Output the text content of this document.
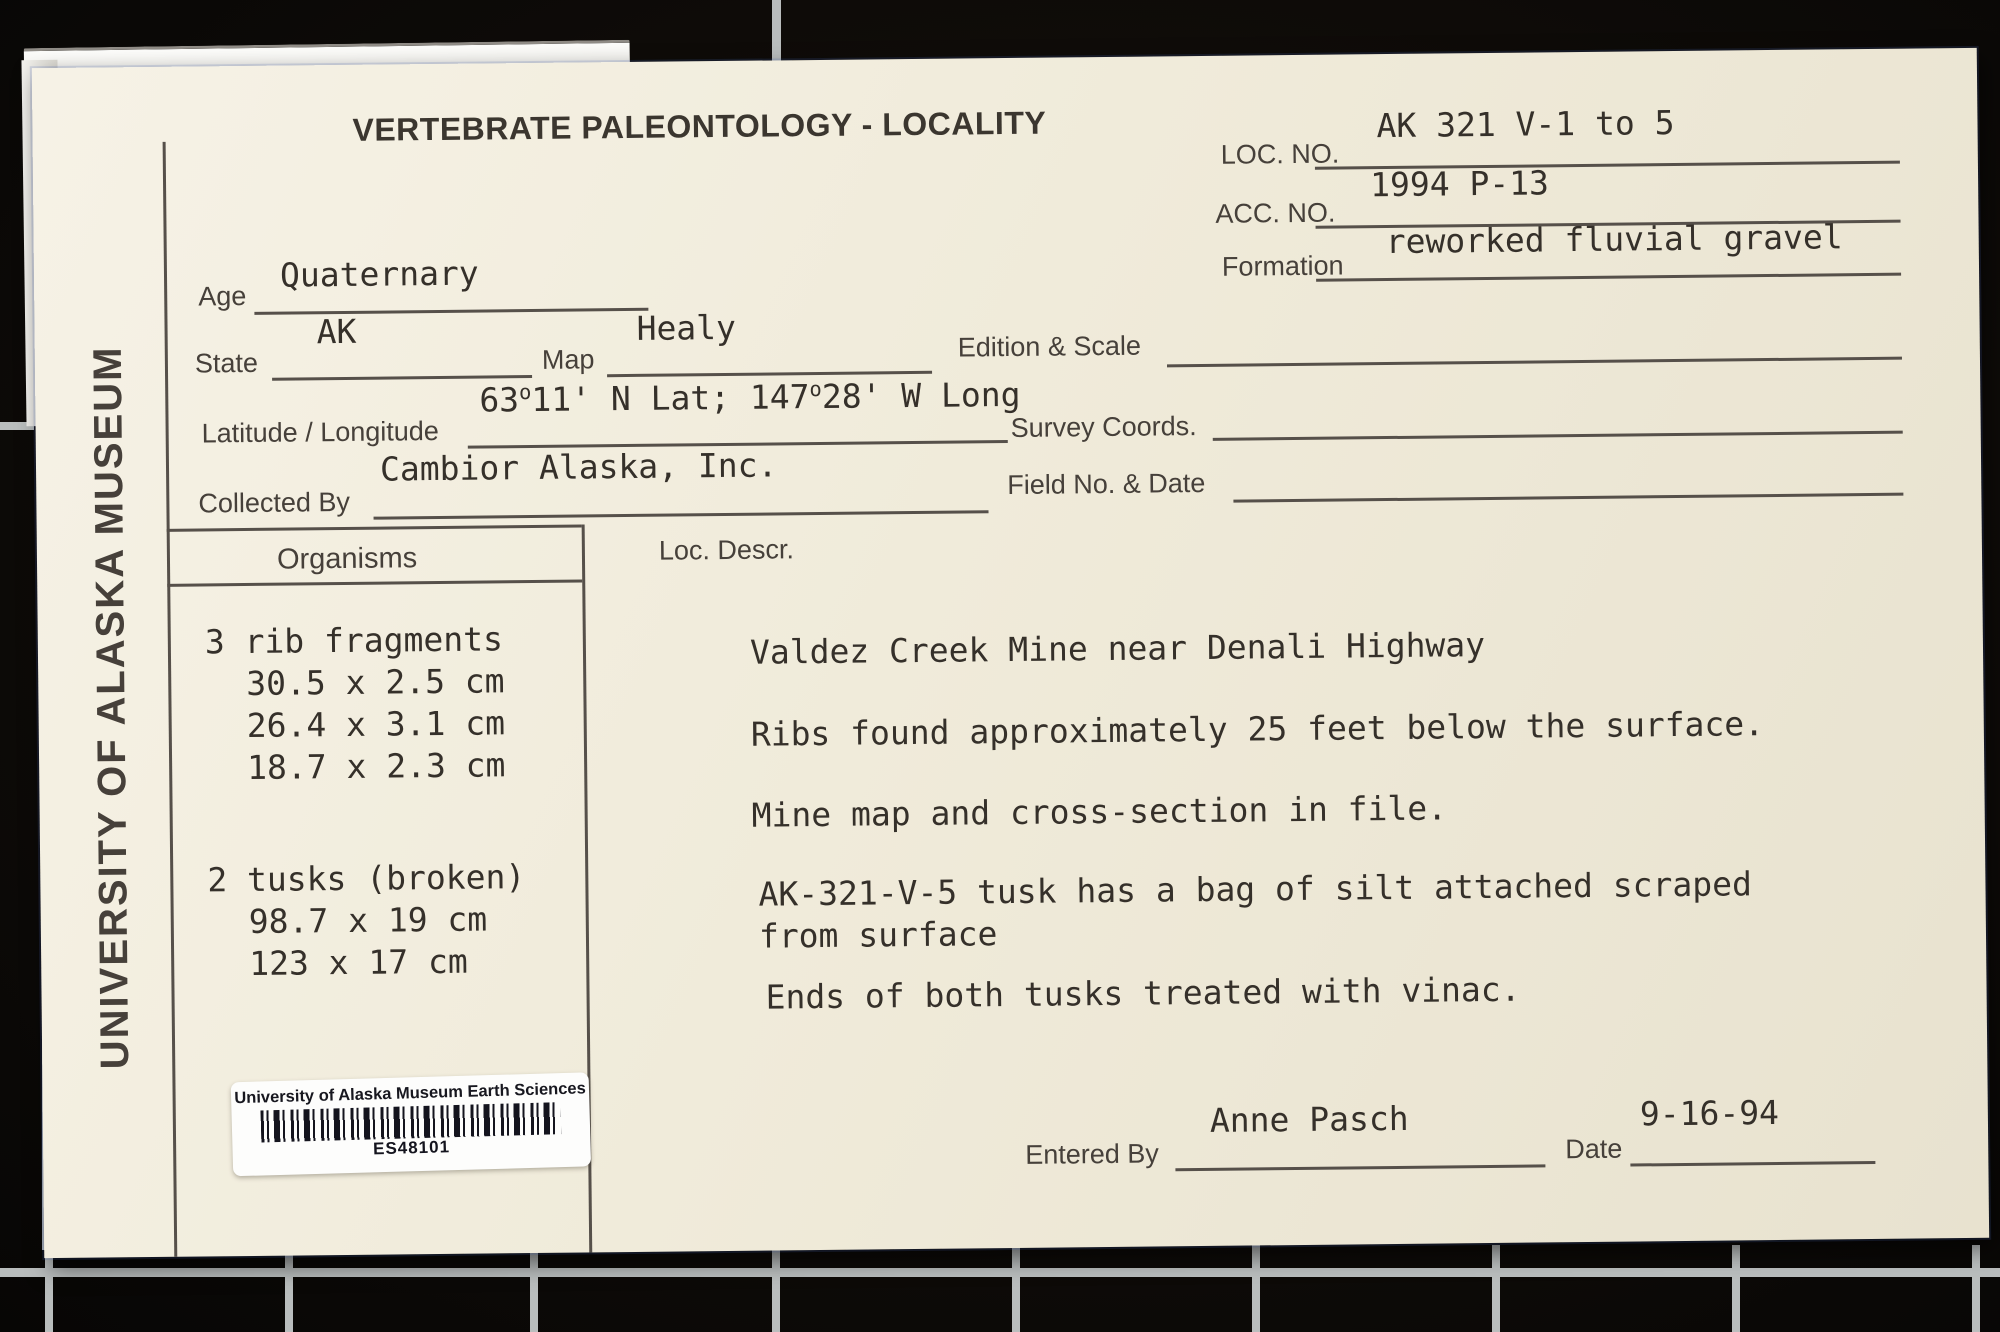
UNIVERSITY OF ALASKA MUSEUM
VERTEBRATE PALEONTOLOGY - LOCALITY
LOC. NO.
AK 321 V-1 to 5
ACC. NO.
1994 P-13
Formation
reworked fluvial gravel
Age
Quaternary
State
AK
Map
Healy	Edition & Scale
Latitude / Longitude
63$^o$11' N Lat; 147$^o$28' W Long
Survey Coords.
Collected By
Cambior Alaska, Inc.	Field No. & Date
Organisms
3 rib fragments
30.5 x 2.5 cm
26.4 x 3.1 cm
18.7 x 2.3 cm
2 tusks (broken)
98.7 x 19 cm
123 x 17 cm
University of Alaska Museum Earth Sciences
ES48101
Loc. Descr.
Valdez Creek Mine near Denali Highway
Ribs found approximately 25 feet below the surface.
Mine map and cross-section in file.
AK-321-V-5 tusk has a bag of silt attached scraped
from surface
Ends of both tusks treated with vinac.
Entered By
Anne Pasch
Date
9-16-94
